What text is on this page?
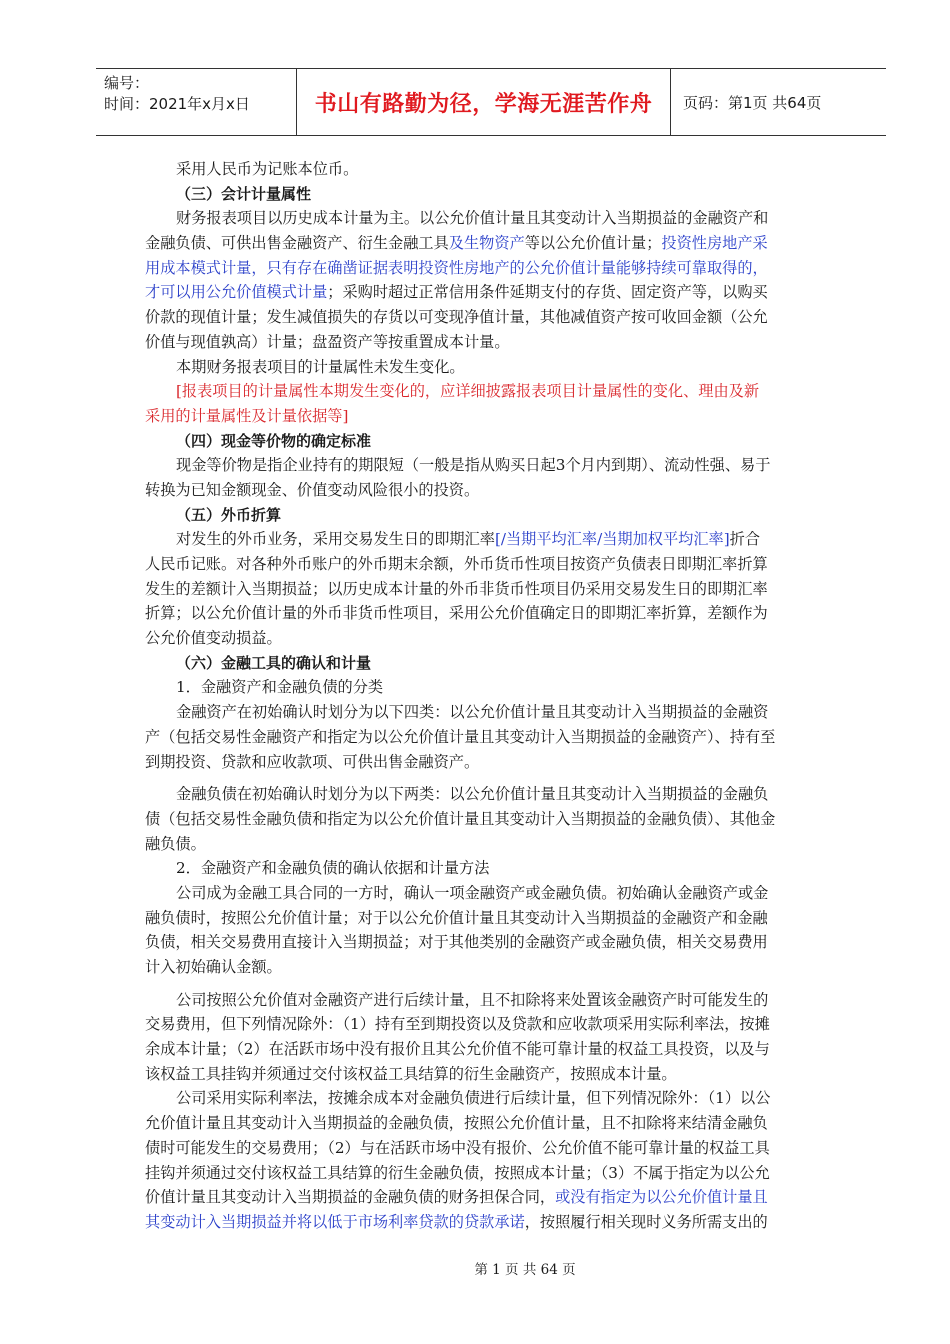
编号：
时间：2021年x月x日	书山有路勤为径，学海无涯苦作舟	页码：第1页 共64页
采用人民币为记账本位币。
（三）会计计量属性
财务报表项目以历史成本计量为主。以公允价值计量且其变动计入当期损益的金融资产和
金融负债、可供出售金融资产、衍生金融工具及生物资产等以公允价值计量；投资性房地产采
用成本模式计量，只有存在确凿证据表明投资性房地产的公允价值计量能够持续可靠取得的，
才可以用公允价值模式计量；采购时超过正常信用条件延期支付的存货、固定资产等，以购买
价款的现值计量；发生减值损失的存货以可变现净值计量，其他减值资产按可收回金额（公允
价值与现值孰高）计量；盘盈资产等按重置成本计量。
本期财务报表项目的计量属性未发生变化。
[报表项目的计量属性本期发生变化的，应详细披露报表项目计量属性的变化、理由及新
采用的计量属性及计量依据等]
（四）现金等价物的确定标准
现金等价物是指企业持有的期限短（一般是指从购买日起3个月内到期）、流动性强、易于
转换为已知金额现金、价值变动风险很小的投资。
（五）外币折算
对发生的外币业务，采用交易发生日的即期汇率[/当期平均汇率/当期加权平均汇率]折合
人民币记账。对各种外币账户的外币期末余额，外币货币性项目按资产负债表日即期汇率折算
发生的差额计入当期损益；以历史成本计量的外币非货币性项目仍采用交易发生日的即期汇率
折算；以公允价值计量的外币非货币性项目，采用公允价值确定日的即期汇率折算，差额作为
公允价值变动损益。
（六）金融工具的确认和计量
1．金融资产和金融负债的分类
金融资产在初始确认时划分为以下四类：以公允价值计量且其变动计入当期损益的金融资
产（包括交易性金融资产和指定为以公允价值计量且其变动计入当期损益的金融资产）、持有至
到期投资、贷款和应收款项、可供出售金融资产。
金融负债在初始确认时划分为以下两类：以公允价值计量且其变动计入当期损益的金融负
债（包括交易性金融负债和指定为以公允价值计量且其变动计入当期损益的金融负债）、其他金
融负债。
2．金融资产和金融负债的确认依据和计量方法
公司成为金融工具合同的一方时，确认一项金融资产或金融负债。初始确认金融资产或金
融负债时，按照公允价值计量；对于以公允价值计量且其变动计入当期损益的金融资产和金融
负债，相关交易费用直接计入当期损益；对于其他类别的金融资产或金融负债，相关交易费用
计入初始确认金额。
公司按照公允价值对金融资产进行后续计量，且不扣除将来处置该金融资产时可能发生的
交易费用，但下列情况除外：（1）持有至到期投资以及贷款和应收款项采用实际利率法，按摊
余成本计量；（2）在活跃市场中没有报价且其公允价值不能可靠计量的权益工具投资，以及与
该权益工具挂钩并须通过交付该权益工具结算的衍生金融资产，按照成本计量。
公司采用实际利率法，按摊余成本对金融负债进行后续计量，但下列情况除外：（1）以公
允价值计量且其变动计入当期损益的金融负债，按照公允价值计量，且不扣除将来结清金融负
债时可能发生的交易费用；（2）与在活跃市场中没有报价、公允价值不能可靠计量的权益工具
挂钩并须通过交付该权益工具结算的衍生金融负债，按照成本计量；（3）不属于指定为以公允
价值计量且其变动计入当期损益的金融负债的财务担保合同，或没有指定为以公允价值计量且
其变动计入当期损益并将以低于市场利率贷款的贷款承诺，按照履行相关现时义务所需支出的
第 1 页 共 64 页
